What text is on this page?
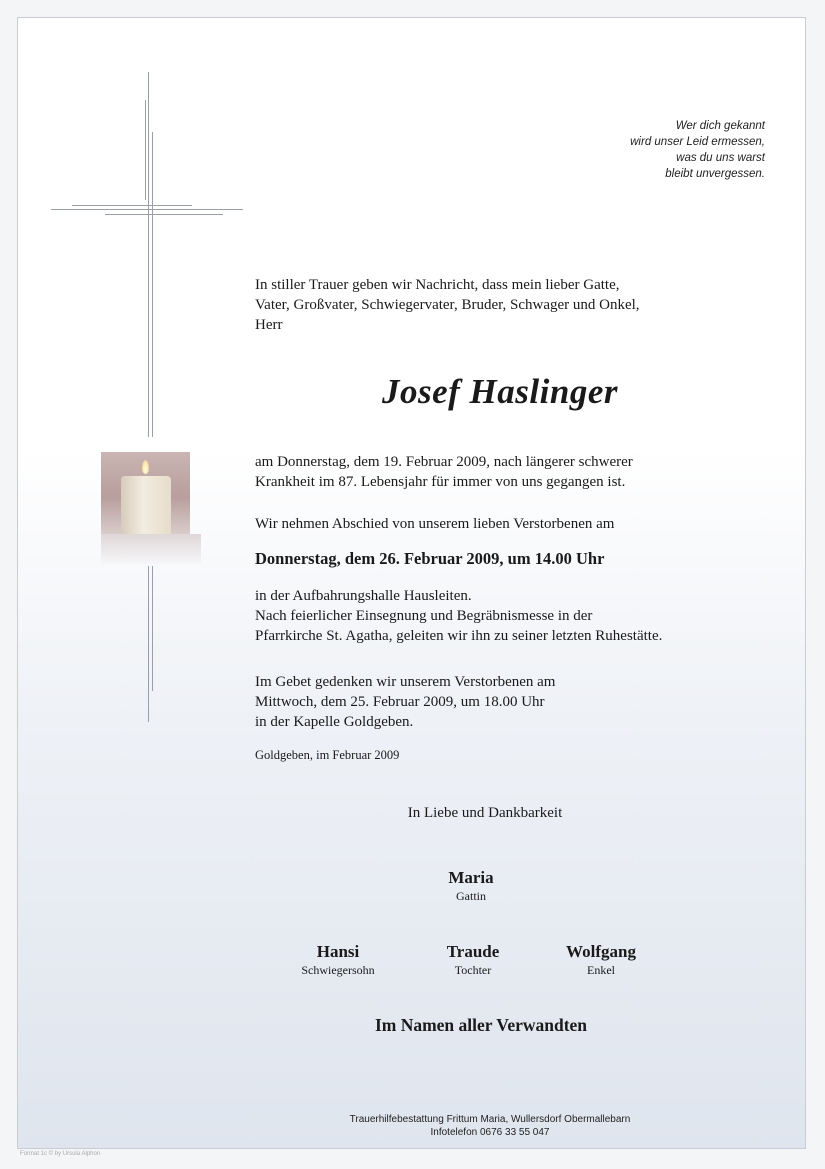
Wer dich gekannt
wird unser Leid ermessen,
was du uns warst
bleibt unvergessen.
In stiller Trauer geben wir Nachricht, dass mein lieber Gatte,
Vater, Großvater, Schwiegervater, Bruder, Schwager und Onkel,
Herr
Josef Haslinger
am Donnerstag, dem 19. Februar 2009, nach längerer schwerer
Krankheit im 87. Lebensjahr für immer von uns gegangen ist.
Wir nehmen Abschied von unserem lieben Verstorbenen am
Donnerstag, dem 26. Februar 2009, um 14.00 Uhr
in der Aufbahrungshalle Hausleiten.
Nach feierlicher Einsegnung und Begräbnismesse in der
Pfarrkirche St. Agatha, geleiten wir ihn zu seiner letzten Ruhestätte.
Im Gebet gedenken wir unserem Verstorbenen am
Mittwoch, dem 25. Februar 2009, um 18.00 Uhr
in der Kapelle Goldgeben.
Goldgeben, im Februar 2009
In Liebe und Dankbarkeit
Maria
Gattin
Hansi
Schwiegersohn
Traude
Tochter
Wolfgang
Enkel
Im Namen aller Verwandten
Trauerhilfebestattung Frittum Maria, Wullersdorf Obermallebarn
Infotelefon 0676 33 55 047
Format 1c © by Ursula Alphon
